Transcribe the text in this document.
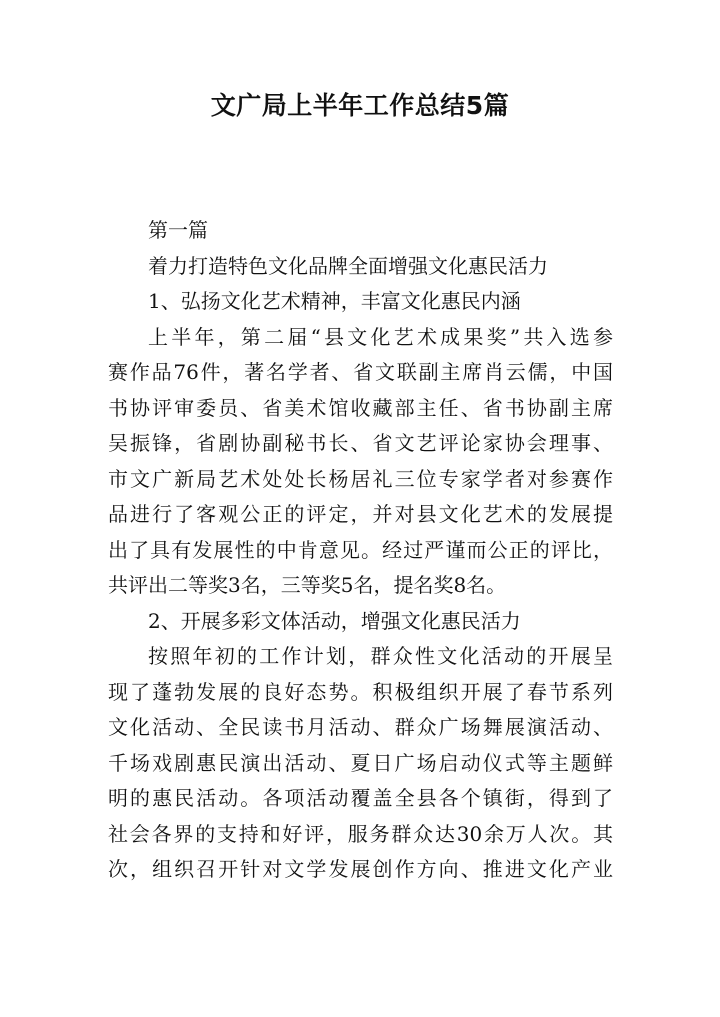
文广局上半年工作总结5篇
第一篇
着力打造特色文化品牌全面增强文化惠民活力
1、弘扬文化艺术精神，丰富文化惠民内涵
上半年，第二届“县文化艺术成果奖”共入选参
赛作品76件，著名学者、省文联副主席肖云儒，中国
书协评审委员、省美术馆收藏部主任、省书协副主席
吴振锋，省剧协副秘书长、省文艺评论家协会理事、
市文广新局艺术处处长杨居礼三位专家学者对参赛作
品进行了客观公正的评定，并对县文化艺术的发展提
出了具有发展性的中肯意见。经过严谨而公正的评比，
共评出二等奖3名，三等奖5名，提名奖8名。
2、开展多彩文体活动，增强文化惠民活力
按照年初的工作计划，群众性文化活动的开展呈
现了蓬勃发展的良好态势。积极组织开展了春节系列
文化活动、全民读书月活动、群众广场舞展演活动、
千场戏剧惠民演出活动、夏日广场启动仪式等主题鲜
明的惠民活动。各项活动覆盖全县各个镇街，得到了
社会各界的支持和好评，服务群众达30余万人次。其
次，组织召开针对文学发展创作方向、推进文化产业
